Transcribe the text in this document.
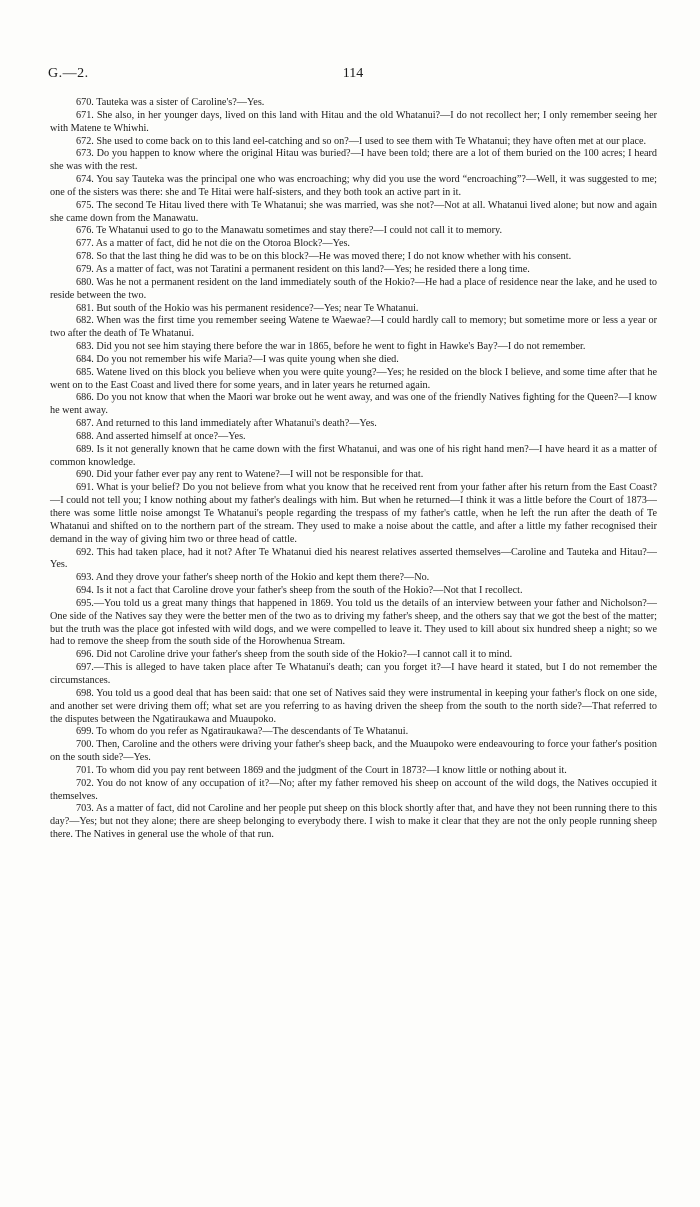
G.—2.	114

670. Tauteka was a sister of Caroline's?—Yes.

671. She also, in her younger days, lived on this land with Hitau and the old Whatanui?—I do not recollect her; I only remember seeing her with Matene te Whiwhi.

672. She used to come back on to this land eel-catching and so on?—I used to see them with Te Whatanui; they have often met at our place.

673. Do you happen to know where the original Hitau was buried?—I have been told; there are a lot of them buried on the 100 acres; I heard she was with the rest.

674. You say Tauteka was the principal one who was encroaching; why did you use the word “encroaching”?—Well, it was suggested to me; one of the sisters was there: she and Te Hitai were half-sisters, and they both took an active part in it.

675. The second Te Hitau lived there with Te Whatanui; she was married, was she not?—Not at all. Whatanui lived alone; but now and again she came down from the Manawatu.

676. Te Whatanui used to go to the Manawatu sometimes and stay there?—I could not call it to memory.

677. As a matter of fact, did he not die on the Otoroa Block?—Yes.

678. So that the last thing he did was to be on this block?—He was moved there; I do not know whether with his consent.

679. As a matter of fact, was not Taratini a permanent resident on this land?—Yes; he resided there a long time.

680. Was he not a permanent resident on the land immediately south of the Hokio?—He had a place of residence near the lake, and he used to reside between the two.

681. But south of the Hokio was his permanent residence?—Yes; near Te Whatanui.

682. When was the first time you remember seeing Watene te Waewae?—I could hardly call to memory; but sometime more or less a year or two after the death of Te Whatanui.

683. Did you not see him staying there before the war in 1865, before he went to fight in Hawke's Bay?—I do not remember.

684. Do you not remember his wife Maria?—I was quite young when she died.

685. Watene lived on this block you believe when you were quite young?—Yes; he resided on the block I believe, and some time after that he went on to the East Coast and lived there for some years, and in later years he returned again.

686. Do you not know that when the Maori war broke out he went away, and was one of the friendly Natives fighting for the Queen?—I know he went away.

687. And returned to this land immediately after Whatanui's death?—Yes.

688. And asserted himself at once?—Yes.

689. Is it not generally known that he came down with the first Whatanui, and was one of his right hand men?—I have heard it as a matter of common knowledge.

690. Did your father ever pay any rent to Watene?—I will not be responsible for that.

691. What is your belief? Do you not believe from what you know that he received rent from your father after his return from the East Coast?—I could not tell you; I know nothing about my father's dealings with him. But when he returned—I think it was a little before the Court of 1873—there was some little noise amongst Te Whatanui's people regarding the trespass of my father's cattle, when he left the run after the death of Te Whatanui and shifted on to the northern part of the stream. They used to make a noise about the cattle, and after a little my father recognised their demand in the way of giving him two or three head of cattle.

692. This had taken place, had it not? After Te Whatanui died his nearest relatives asserted themselves—Caroline and Tauteka and Hitau?—Yes.

693. And they drove your father's sheep north of the Hokio and kept them there?—No.

694. Is it not a fact that Caroline drove your father's sheep from the south of the Hokio?—Not that I recollect.

695.—You told us a great many things that happened in 1869. You told us the details of an interview between your father and Nicholson?—One side of the Natives say they were the better men of the two as to driving my father's sheep, and the others say that we got the best of the matter; but the truth was the place got infested with wild dogs, and we were compelled to leave it. They used to kill about six hundred sheep a night; so we had to remove the sheep from the south side of the Horowhenua Stream.

696. Did not Caroline drive your father's sheep from the south side of the Hokio?—I cannot call it to mind.

697.—This is alleged to have taken place after Te Whatanui's death; can you forget it?—I have heard it stated, but I do not remember the circumstances.

698. You told us a good deal that has been said: that one set of Natives said they were instrumental in keeping your father's flock on one side, and another set were driving them off; what set are you referring to as having driven the sheep from the south to the north side?—That referred to the disputes between the Ngatiraukawa and Muaupoko.

699. To whom do you refer as Ngatiraukawa?—The descendants of Te Whatanui.

700. Then, Caroline and the others were driving your father's sheep back, and the Muaupoko were endeavouring to force your father's position on the south side?—Yes.

701. To whom did you pay rent between 1869 and the judgment of the Court in 1873?—I know little or nothing about it.

702. You do not know of any occupation of it?—No; after my father removed his sheep on account of the wild dogs, the Natives occupied it themselves.

703. As a matter of fact, did not Caroline and her people put sheep on this block shortly after that, and have they not been running there to this day?—Yes; but not they alone; there are sheep belonging to everybody there. I wish to make it clear that they are not the only people running sheep there. The Natives in general use the whole of that run.
